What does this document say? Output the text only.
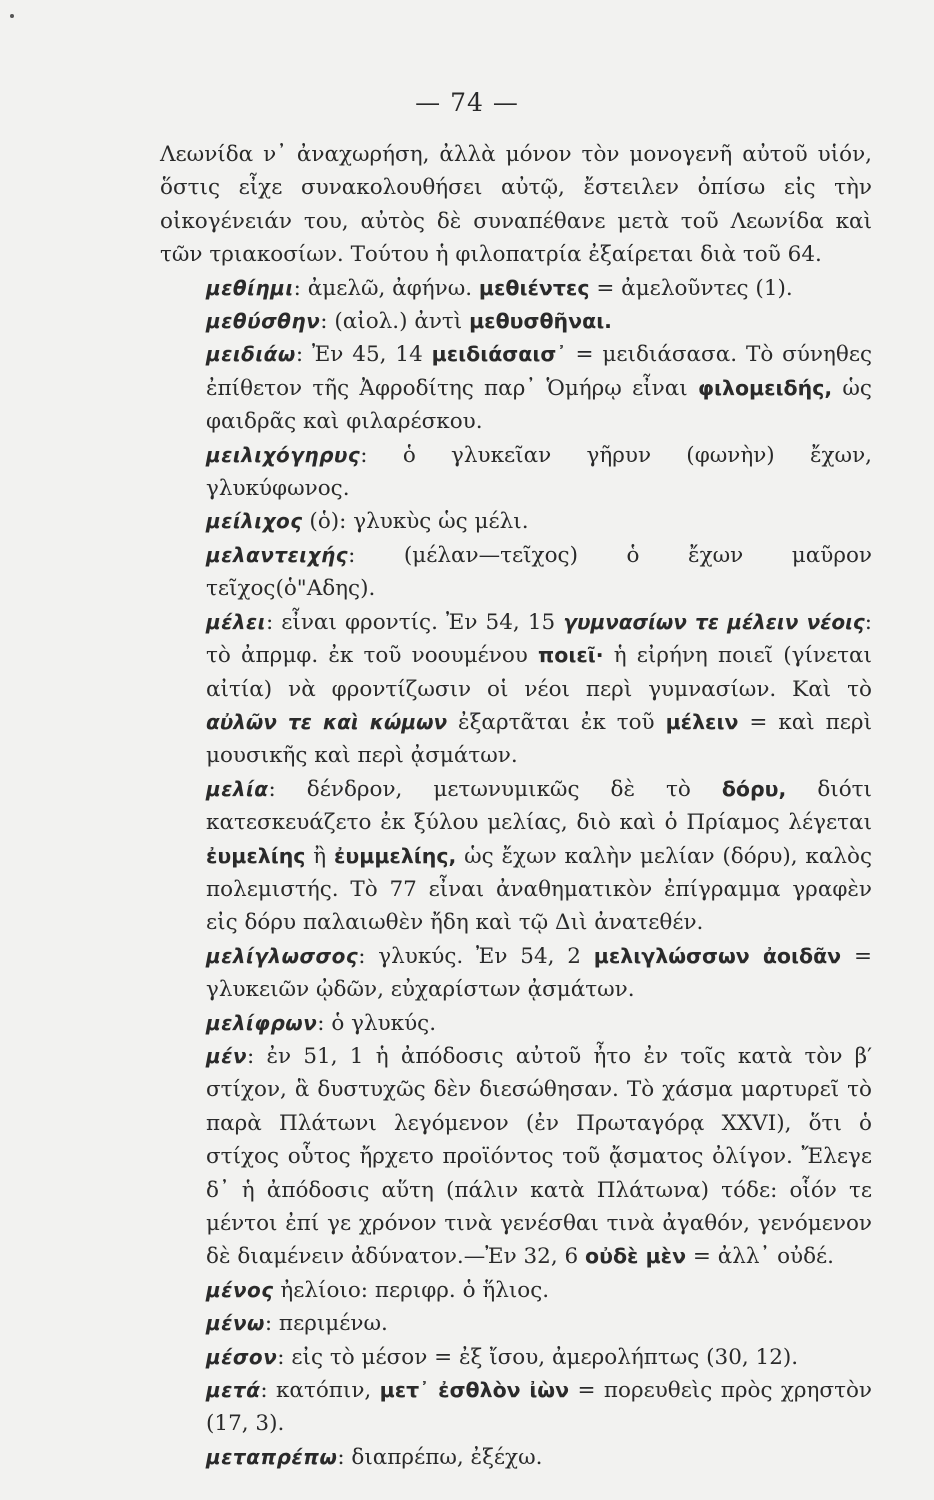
— 74 —

Λεωνίδα ν᾽ ἀναχωρήση, ἀλλὰ μόνον τὸν μονογενῆ αὐτοῦ υἱόν, ὅστις εἶχε συνακολουθήσει αὐτῷ, ἔστειλεν ὀπίσω εἰς τὴν οἰκογένειάν του, αὐτὸς δὲ συναπέθανε μετὰ τοῦ Λεωνίδα καὶ τῶν τριακοσίων. Τούτου ἡ φιλοπατρία ἐξαίρεται διὰ τοῦ 64.

μεθίημι: ἀμελῶ, ἀφήνω. μεθιέντες = ἀμελοῦντες (1).

μεθύσθην: (αἰολ.) ἀντὶ μεθυσθῆναι.

μειδιάω: Ἐν 45, 14 μειδιάσαισ᾽ = μειδιάσασα. Τὸ σύνηθες ἐπίθετον τῆς Ἀφροδίτης παρ᾽ Ὁμήρῳ εἶναι φιλομειδής, ὡς φαιδρᾶς καὶ φιλαρέσκου.

μειλιχόγηρυς: ὁ γλυκεῖαν γῆρυν (φωνὴν) ἔχων, γλυκύφωνος.

μείλιχος (ὁ): γλυκὺς ὡς μέλι.

μελαντειχής: (μέλαν—τεῖχος) ὁ ἔχων μαῦρον τεῖχος(ὁ"Αδης).

μέλει: εἶναι φροντίς. Ἐν 54, 15 γυμνασίων τε μέλειν νέοις: τὸ ἀπρμφ. ἐκ τοῦ νοουμένου ποιεῖ· ἡ εἰρήνη ποιεῖ (γίνεται αἰτία) νὰ φροντίζωσιν οἱ νέοι περὶ γυμνασίων. Καὶ τὸ αὐλῶν τε καὶ κώμων ἐξαρτᾶται ἐκ τοῦ μέλειν = καὶ περὶ μουσικῆς καὶ περὶ ᾀσμάτων.

μελία: δένδρον, μετωνυμικῶς δὲ τὸ δόρυ, διότι κατεσκευάζετο ἐκ ξύλου μελίας, διὸ καὶ ὁ Πρίαμος λέγεται ἐυμελίης ἢ ἐυμμελίης, ὡς ἔχων καλὴν μελίαν (δόρυ), καλὸς πολεμιστής. Τὸ 77 εἶναι ἀναθηματικὸν ἐπίγραμμα γραφὲν εἰς δόρυ παλαιωθὲν ἤδη καὶ τῷ Διὶ ἀνατεθέν.

μελίγλωσσος: γλυκύς. Ἐν 54, 2 μελιγλώσσων ἀοιδᾶν = γλυκειῶν ᾠδῶν, εὐχαρίστων ᾀσμάτων.

μελίφρων: ὁ γλυκύς.

μέν: ἐν 51, 1 ἡ ἀπόδοσις αὐτοῦ ἦτο ἐν τοῖς κατὰ τὸν β′ στίχον, ἃ δυστυχῶς δὲν διεσώθησαν. Τὸ χάσμα μαρτυρεῖ τὸ παρὰ Πλάτωνι λεγόμενον (ἐν Πρωταγόρᾳ XXVI), ὅτι ὁ στίχος οὗτος ἤρχετο προϊόντος τοῦ ᾄσματος ὀλίγον. Ἔλεγε δ᾽ ἡ ἀπόδοσις αὕτη (πάλιν κατὰ Πλάτωνα) τόδε: οἷόν τε μέντοι ἐπί γε χρόνον τινὰ γενέσθαι τινὰ ἀγαθόν, γενόμενον δὲ διαμένειν ἀδύνατον.—Ἐν 32, 6 οὐδὲ μὲν = ἀλλ᾽ οὐδέ.

μένος ἠελίοιο: περιφρ. ὁ ἥλιος.

μένω: περιμένω.

μέσον: εἰς τὸ μέσον = ἐξ ἴσου, ἀμερολήπτως (30, 12).

μετά: κατόπιν, μετ᾽ ἐσθλὸν ἰὼν = πορευθεὶς πρὸς χρηστὸν (17, 3).

μεταπρέπω: διαπρέπω, ἐξέχω.
